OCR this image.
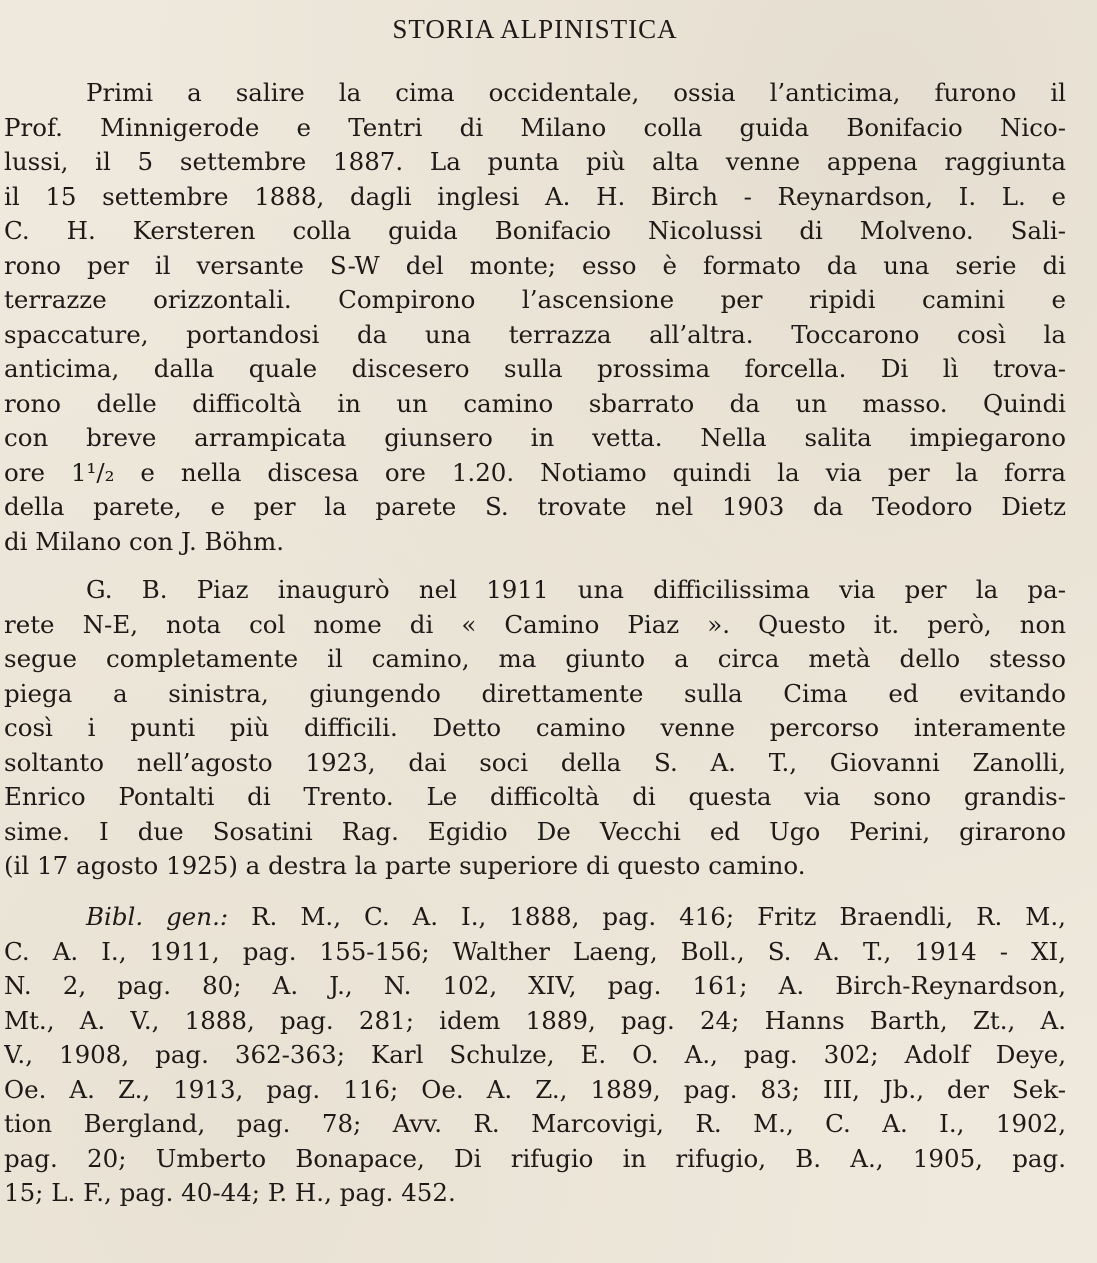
STORIA ALPINISTICA
Primi a salire la cima occidentale, ossia l’anticima, furono il
Prof. Minnigerode e Tentri di Milano colla guida Bonifacio Nico-
lussi, il 5 settembre 1887. La punta più alta venne appena raggiunta
il 15 settembre 1888, dagli inglesi A. H. Birch - Reynardson, I. L. e
C. H. Kersteren colla guida Bonifacio Nicolussi di Molveno. Sali-
rono per il versante S-W del monte; esso è formato da una serie di
terrazze orizzontali. Compirono l’ascensione per ripidi camini e
spaccature, portandosi da una terrazza all’altra. Toccarono così la
anticima, dalla quale discesero sulla prossima forcella. Di lì trova-
rono delle difficoltà in un camino sbarrato da un masso. Quindi
con breve arrampicata giunsero in vetta. Nella salita impiegarono
ore 1¹/₂ e nella discesa ore 1.20. Notiamo quindi la via per la forra
della parete, e per la parete S. trovate nel 1903 da Teodoro Dietz
di Milano con J. Böhm.
G. B. Piaz inaugurò nel 1911 una difficilissima via per la pa-
rete N-E, nota col nome di « Camino Piaz ». Questo it. però, non
segue completamente il camino, ma giunto a circa metà dello stesso
piega a sinistra, giungendo direttamente sulla Cima ed evitando
così i punti più difficili. Detto camino venne percorso interamente
soltanto nell’agosto 1923, dai soci della S. A. T., Giovanni Zanolli,
Enrico Pontalti di Trento. Le difficoltà di questa via sono grandis-
sime. I due Sosatini Rag. Egidio De Vecchi ed Ugo Perini, girarono
(il 17 agosto 1925) a destra la parte superiore di questo camino.
Bibl. gen.: R. M., C. A. I., 1888, pag. 416; Fritz Braendli, R. M.,
C. A. I., 1911, pag. 155-156; Walther Laeng, Boll., S. A. T., 1914 - XI,
N. 2, pag. 80; A. J., N. 102, XIV, pag. 161; A. Birch-Reynardson,
Mt., A. V., 1888, pag. 281; idem 1889, pag. 24; Hanns Barth, Zt., A.
V., 1908, pag. 362-363; Karl Schulze, E. O. A., pag. 302; Adolf Deye,
Oe. A. Z., 1913, pag. 116; Oe. A. Z., 1889, pag. 83; III, Jb., der Sek-
tion Bergland, pag. 78; Avv. R. Marcovigi, R. M., C. A. I., 1902,
pag. 20; Umberto Bonapace, Di rifugio in rifugio, B. A., 1905, pag.
15; L. F., pag. 40-44; P. H., pag. 452.
